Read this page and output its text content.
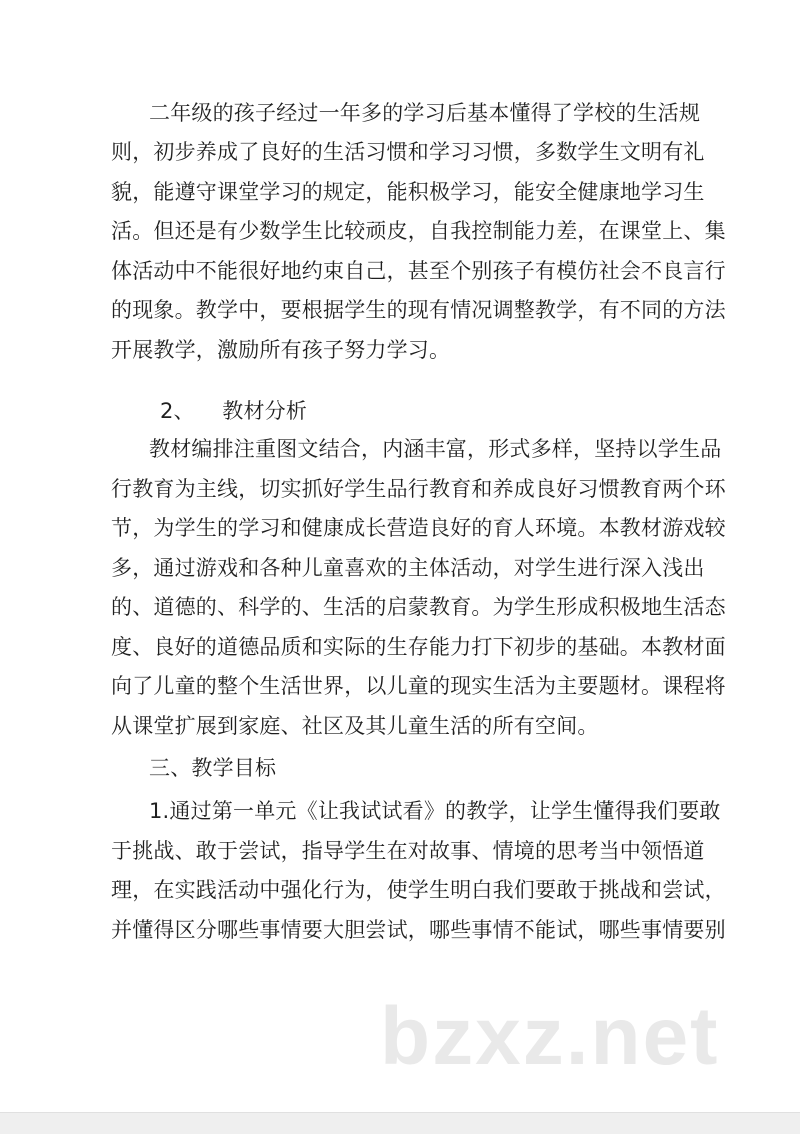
二年级的孩子经过一年多的学习后基本懂得了学校的生活规
则，初步养成了良好的生活习惯和学习习惯，多数学生文明有礼
貌，能遵守课堂学习的规定，能积极学习，能安全健康地学习生
活。但还是有少数学生比较顽皮，自我控制能力差，在课堂上、集
体活动中不能很好地约束自己，甚至个别孩子有模仿社会不良言行
的现象。教学中，要根据学生的现有情况调整教学，有不同的方法
开展教学，激励所有孩子努力学习。
2、    教材分析
教材编排注重图文结合，内涵丰富，形式多样，坚持以学生品
行教育为主线，切实抓好学生品行教育和养成良好习惯教育两个环
节，为学生的学习和健康成长营造良好的育人环境。本教材游戏较
多，通过游戏和各种儿童喜欢的主体活动，对学生进行深入浅出
的、道德的、科学的、生活的启蒙教育。为学生形成积极地生活态
度、良好的道德品质和实际的生存能力打下初步的基础。本教材面
向了儿童的整个生活世界，以儿童的现实生活为主要题材。课程将
从课堂扩展到家庭、社区及其儿童生活的所有空间。
三、教学目标
1.通过第一单元《让我试试看》的教学，让学生懂得我们要敢
于挑战、敢于尝试，指导学生在对故事、情境的思考当中领悟道
理，在实践活动中强化行为，使学生明白我们要敢于挑战和尝试，
并懂得区分哪些事情要大胆尝试，哪些事情不能试，哪些事情要别
bzxz.net
